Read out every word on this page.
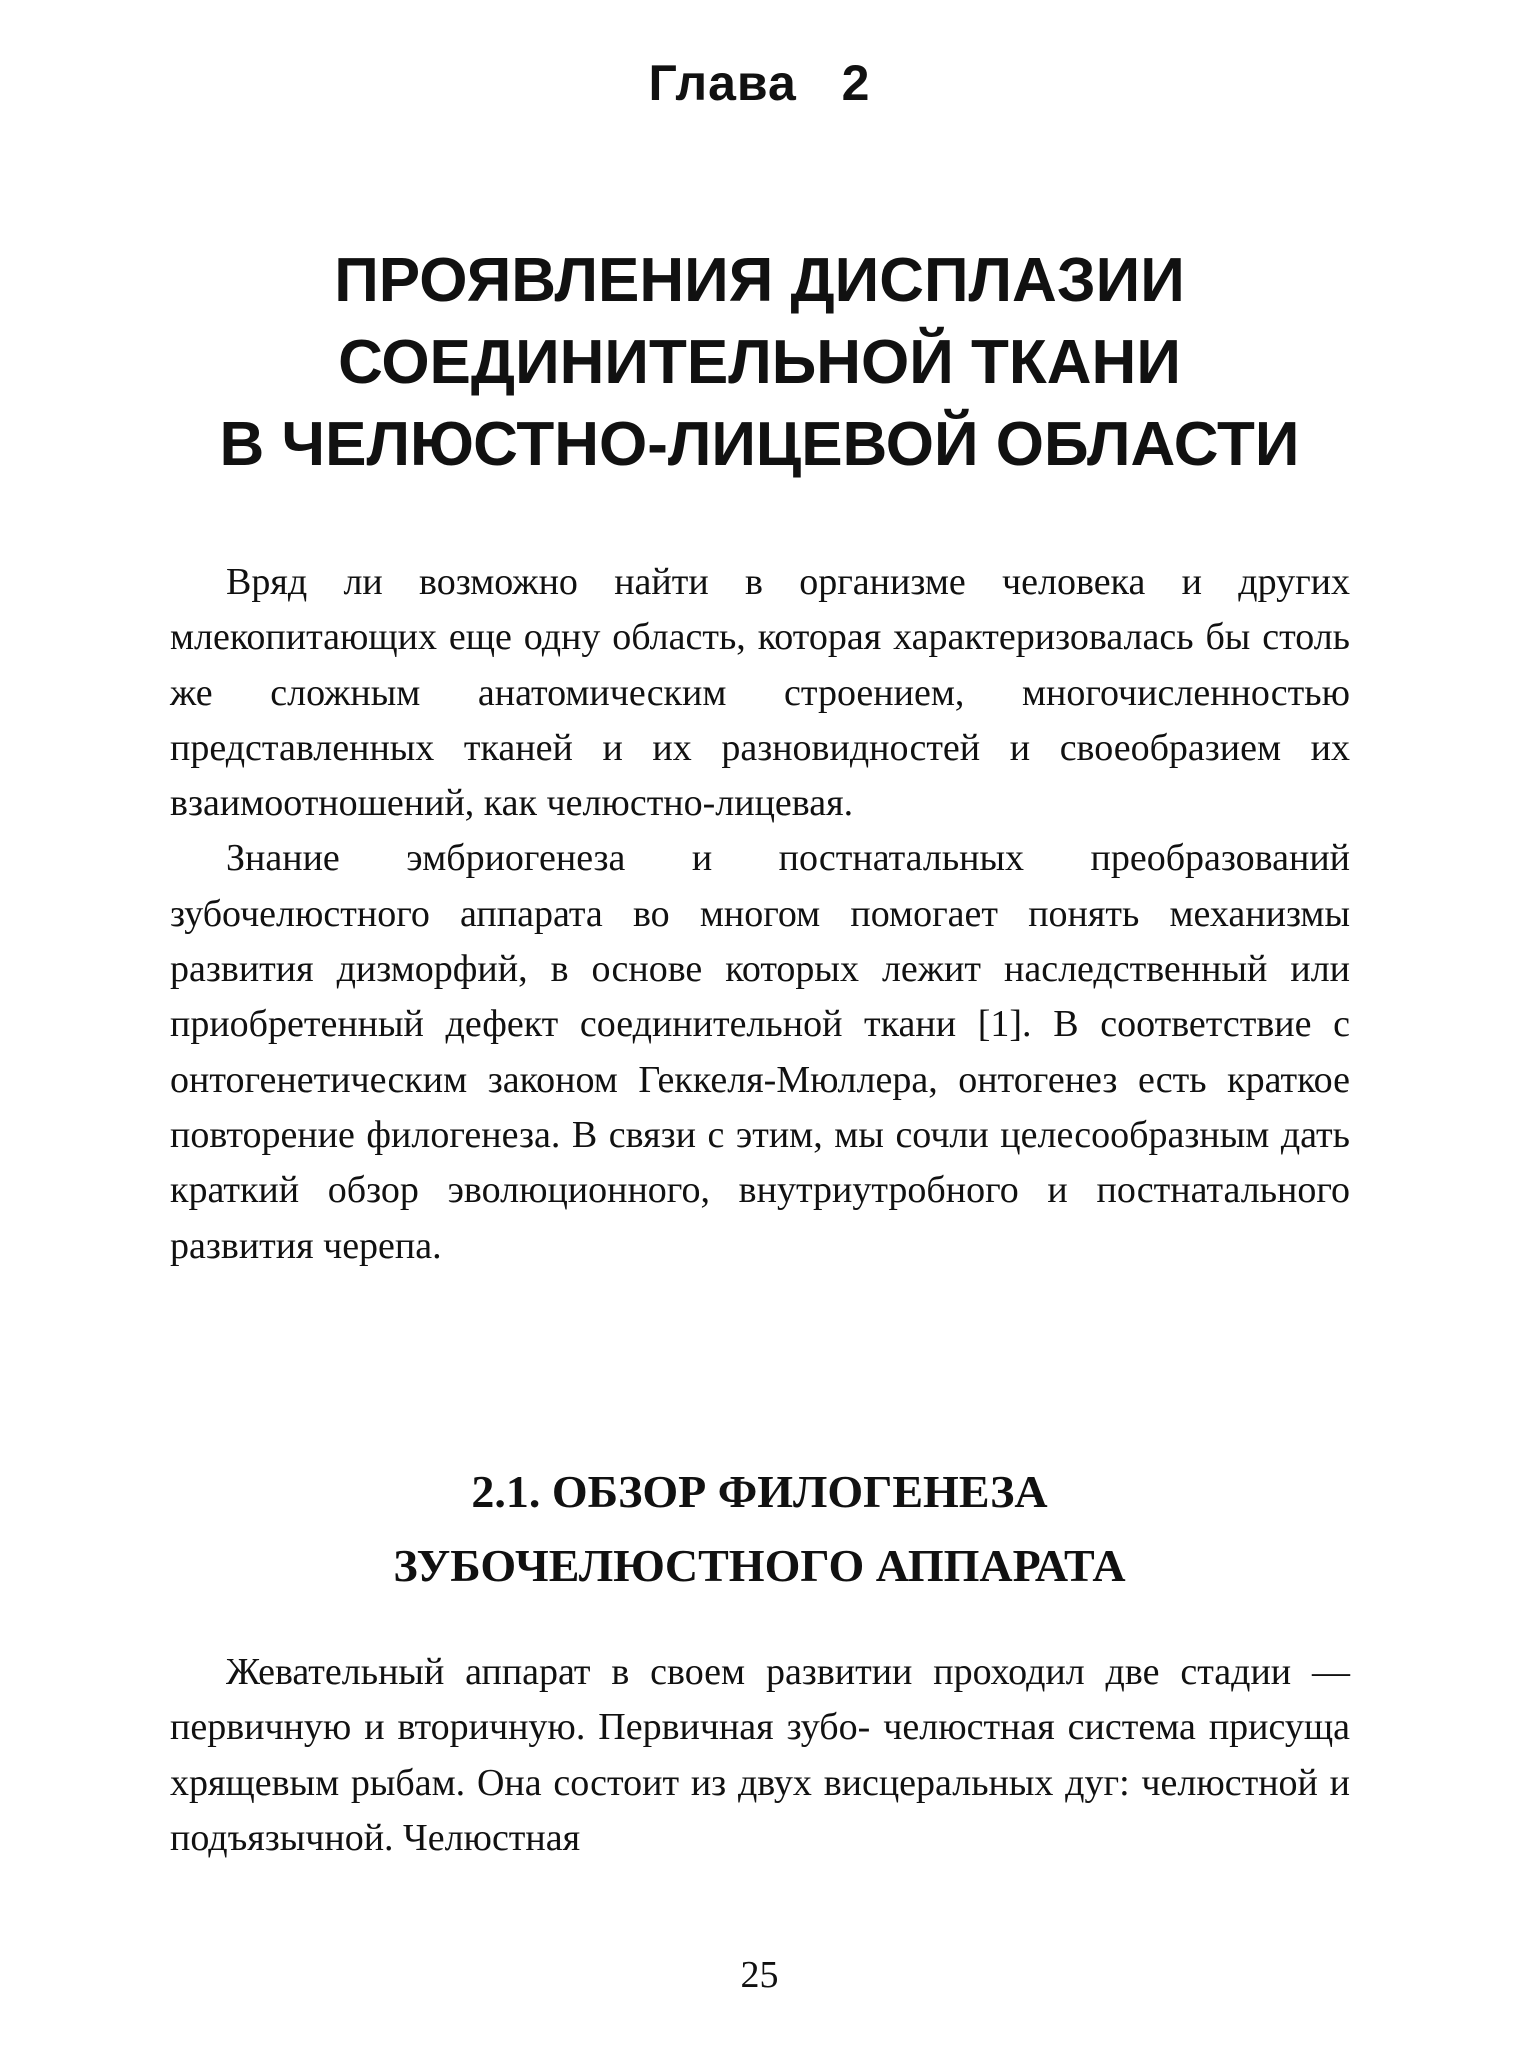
Глава 2
ПРОЯВЛЕНИЯ ДИСПЛАЗИИ
СОЕДИНИТЕЛЬНОЙ ТКАНИ
В ЧЕЛЮСТНО-ЛИЦЕВОЙ ОБЛАСТИ

Вряд ли возможно найти в организме человека и других млекопитающих еще одну область, которая характеризовалась бы столь же сложным анатомическим строением, многочисленностью представленных тканей и их разновидностей и своеобразием их взаимоотношений, как челюстно-лицевая.

Знание эмбриогенеза и постнатальных преобразований зубочелюстного аппарата во многом помогает понять механизмы развития дизморфий, в основе которых лежит наследственный или приобретенный дефект соединительной ткани [1]. В соответствие с онтогенетическим законом Геккеля-Мюллера, онтогенез есть краткое повторение филогенеза. В связи с этим, мы сочли целесообразным дать краткий обзор эволюционного, внутриутробного и постнатального развития черепа.

2.1. ОБЗОР ФИЛОГЕНЕЗА
ЗУБОЧЕЛЮСТНОГО АППАРАТА

Жевательный аппарат в своем развитии проходил две стадии — первичную и вторичную. Первичная зубо- челюстная система присуща хрящевым рыбам. Она состоит из двух висцеральных дуг: челюстной и подъязычной. Челюстная

25
